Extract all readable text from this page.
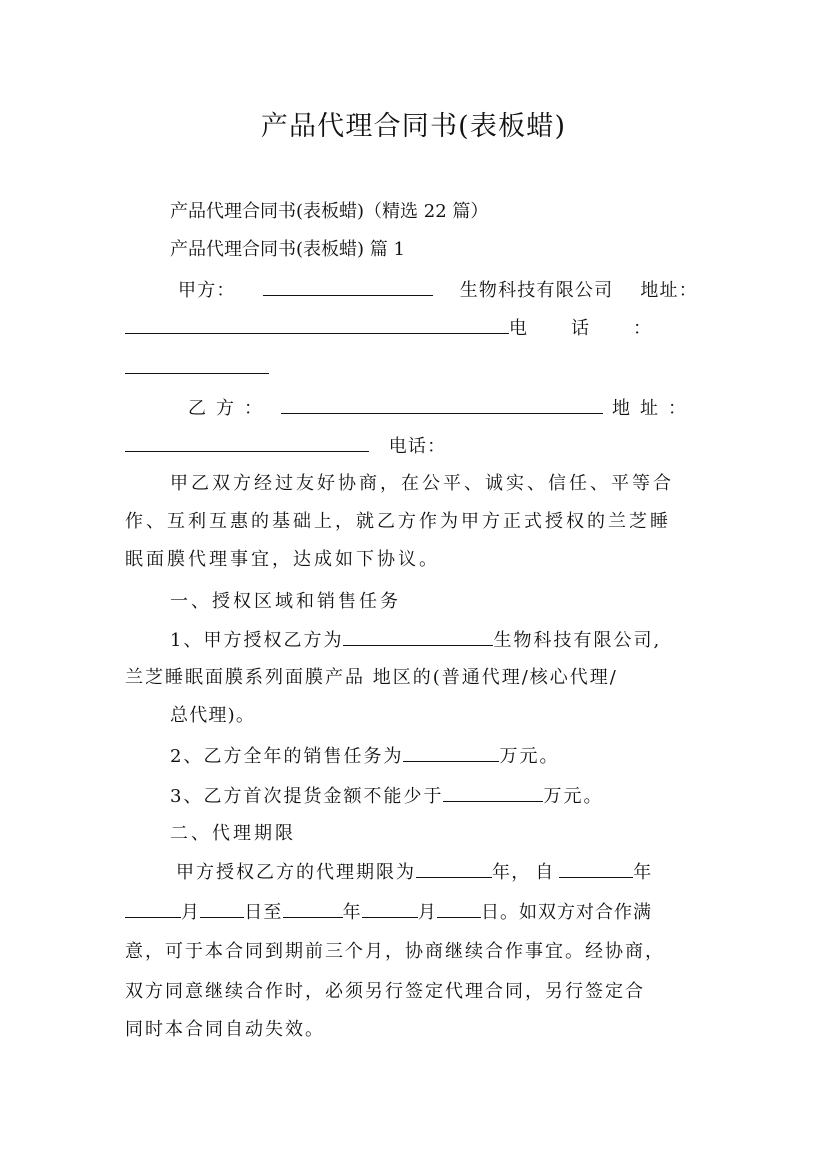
产品代理合同书(表板蜡)
产品代理合同书(表板蜡)（精选 22 篇）
产品代理合同书(表板蜡) 篇 1
甲方：	生物科技有限公司 地址：
电话：
乙方：	地址：
电话：
甲乙双方经过友好协商，在公平、诚实、信任、平等合
作、互利互惠的基础上，就乙方作为甲方正式授权的兰芝睡
眠面膜代理事宜，达成如下协议。
一、授权区域和销售任务
1、甲方授权乙方为	生物科技有限公司,
兰芝睡眠面膜系列面膜产品 地区的(普通代理/核心代理/
总代理)。
2、乙方全年的销售任务为	万元。
3、乙方首次提货金额不能少于	万元。
二、代理期限
甲方授权乙方的代理期限为	年，自	年
月 日至	年	月 日。如双方对合作满
意，可于本合同到期前三个月，协商继续合作事宜。经协商，
双方同意继续合作时，必须另行签定代理合同，另行签定合
同时本合同自动失效。
